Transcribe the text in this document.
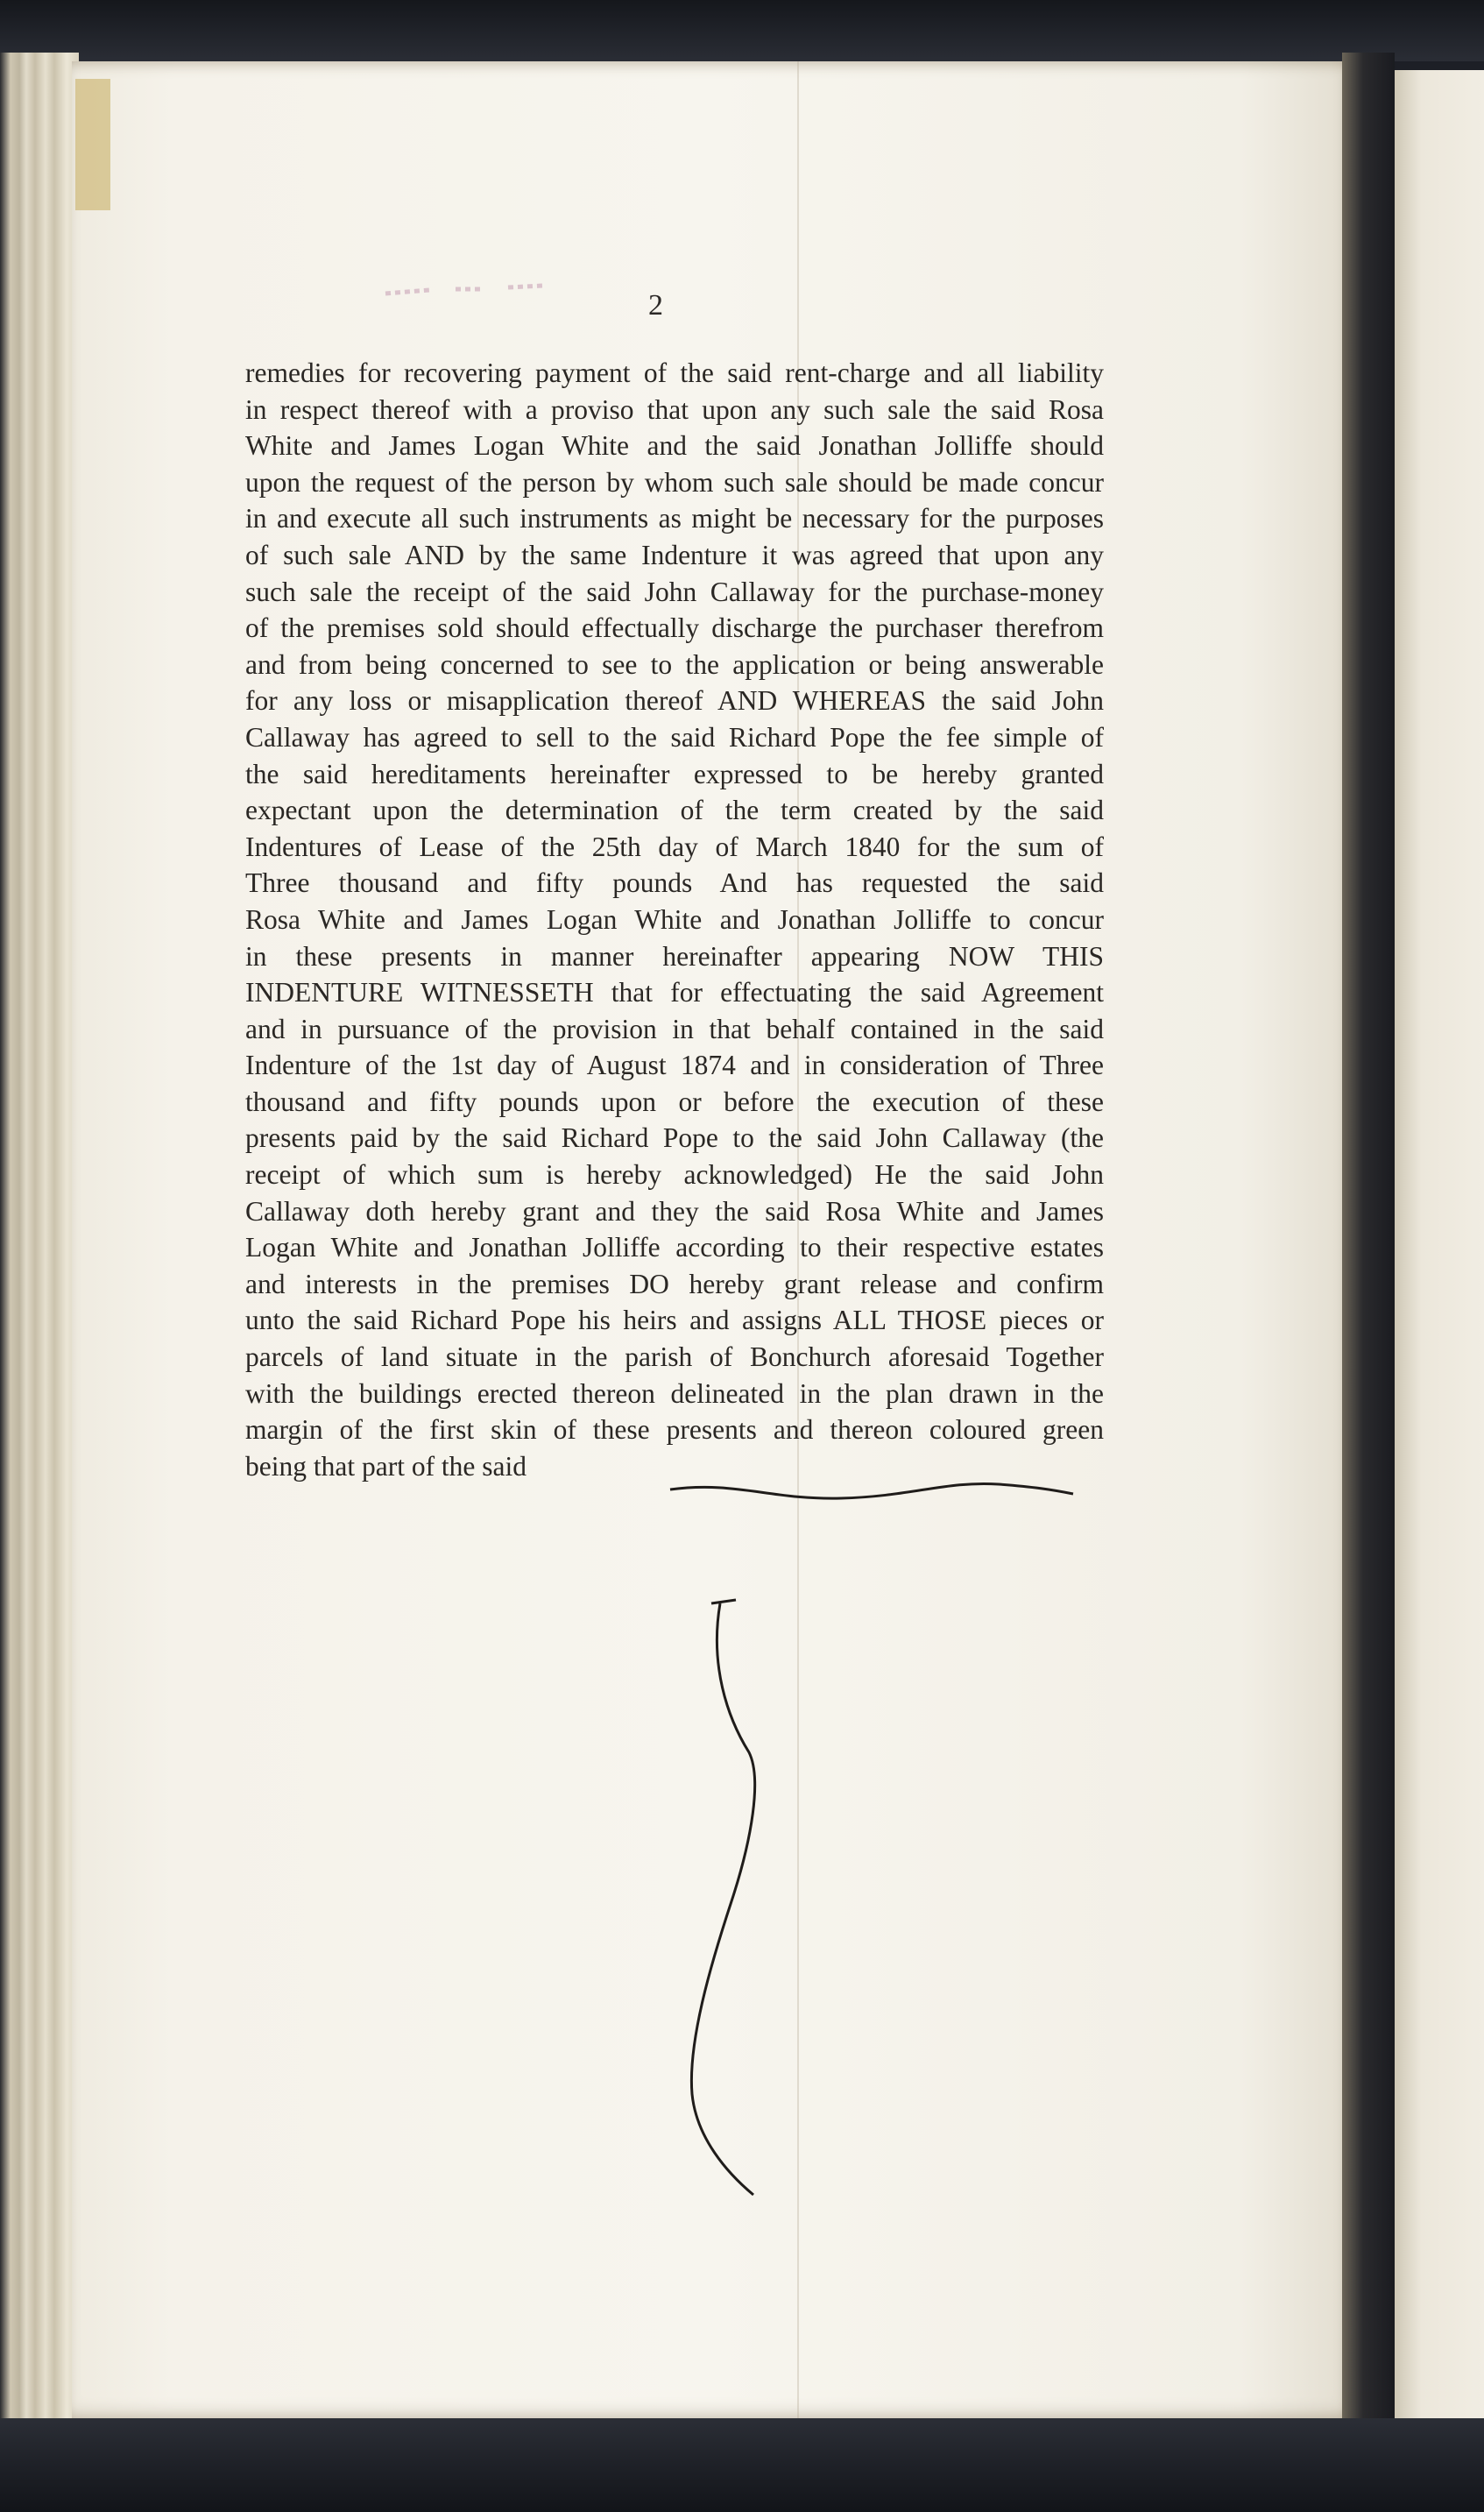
2
remedies for recovering payment of the said rent-charge and all liability
in respect thereof with a proviso that upon any such sale the said Rosa
White and James Logan White and the said Jonathan Jolliffe should
upon the request of the person by whom such sale should be made concur
in and execute all such instruments as might be necessary for the purposes
of such sale AND by the same Indenture it was agreed that upon any
such sale the receipt of the said John Callaway for the purchase-money
of the premises sold should effectually discharge the purchaser therefrom
and from being concerned to see to the application or being answerable
for any loss or misapplication thereof AND WHEREAS the said John
Callaway has agreed to sell to the said Richard Pope the fee simple of
the said hereditaments hereinafter expressed to be hereby granted
expectant upon the determination of the term created by the said
Indentures of Lease of the 25th day of March 1840 for the sum of
Three thousand and fifty pounds And has requested the said
Rosa White and James Logan White and Jonathan Jolliffe to concur
in these presents in manner hereinafter appearing NOW THIS
INDENTURE WITNESSETH that for effectuating the said Agreement
and in pursuance of the provision in that behalf contained in the said
Indenture of the 1st day of August 1874 and in consideration of Three
thousand and fifty pounds upon or before the execution of these
presents paid by the said Richard Pope to the said John Callaway (the
receipt of which sum is hereby acknowledged) He the said John
Callaway doth hereby grant and they the said Rosa White and James
Logan White and Jonathan Jolliffe according to their respective estates
and interests in the premises DO hereby grant release and confirm
unto the said Richard Pope his heirs and assigns ALL THOSE pieces or
parcels of land situate in the parish of Bonchurch aforesaid Together
with the buildings erected thereon delineated in the plan drawn in the
margin of the first skin of these presents and thereon coloured green
being that part of the said
